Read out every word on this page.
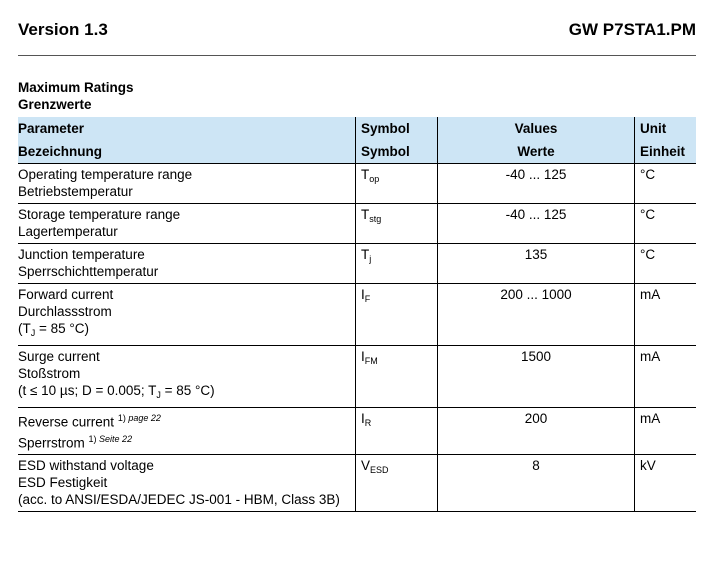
Version 1.3	GW P7STA1.PM
Maximum Ratings
Grenzwerte
Parameter	Symbol	Values	Unit
Bezeichnung	Symbol	Werte	Einheit

Operating temperature range
Betriebstemperatur	$T_{op}$	-40 ... 125	°C

Storage temperature range
Lagertemperatur	$T_{stg}$	-40 ... 125	°C

Junction temperature
Sperrschichttemperatur	$T_j$	135	°C

Forward current
Durchlassstrom
($T_J = 85$ °C)	$I_F$	200 ... 1000	mA

Surge current
Stoßstrom
(t ≤ 10 µs; D = 0.005; $T_J = 85$ °C)	$I_{FM}$	1500	mA

Reverse current $^{1) page 22}$
Sperrstrom $^{1) Seite 22}$	$I_R$	200	mA

ESD withstand voltage
ESD Festigkeit
(acc. to ANSI/ESDA/JEDEC JS-001 - HBM, Class 3B)	$V_{ESD}$	8	kV
